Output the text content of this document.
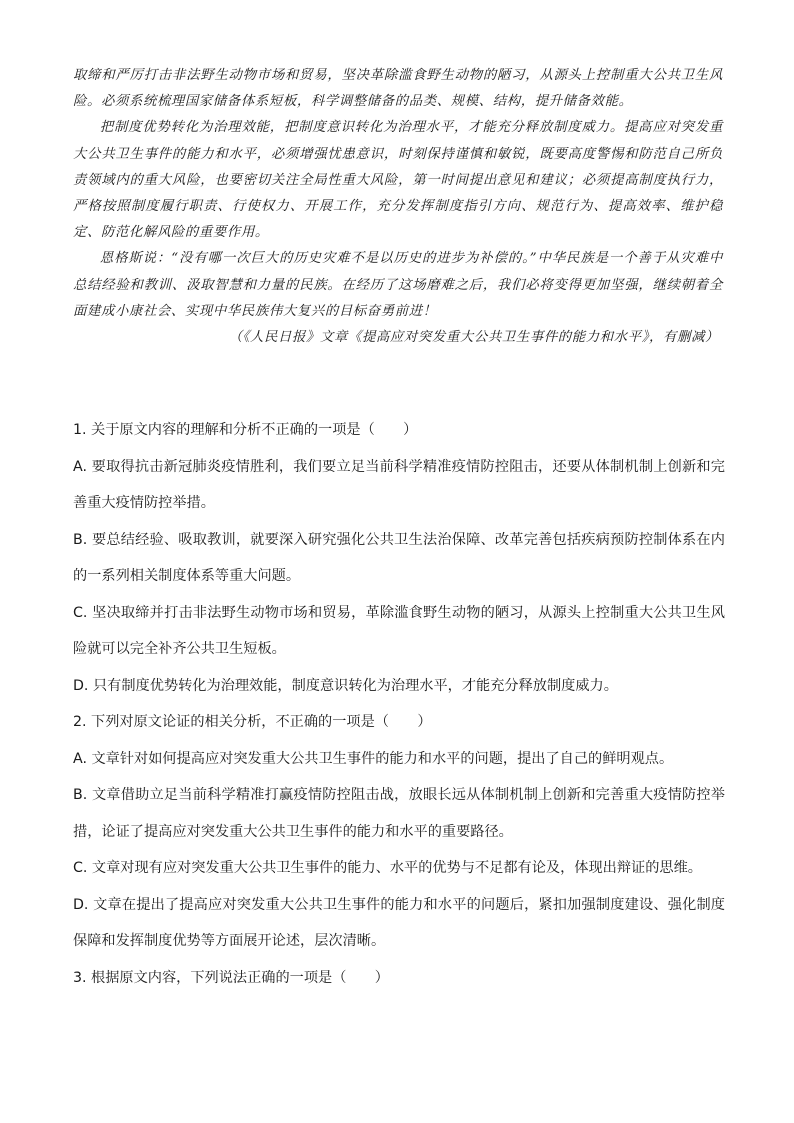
取缔和严厉打击非法野生动物市场和贸易，坚决革除滥食野生动物的陋习，从源头上控制重大公共卫生风险。必须系统梳理国家储备体系短板，科学调整储备的品类、规模、结构，提升储备效能。

把制度优势转化为治理效能，把制度意识转化为治理水平，才能充分释放制度威力。提高应对突发重大公共卫生事件的能力和水平，必须增强忧患意识，时刻保持谨慎和敏锐，既要高度警惕和防范自己所负责领域内的重大风险，也要密切关注全局性重大风险，第一时间提出意见和建议；必须提高制度执行力，严格按照制度履行职责、行使权力、开展工作，充分发挥制度指引方向、规范行为、提高效率、维护稳定、防范化解风险的重要作用。

恩格斯说：“没有哪一次巨大的历史灾难不是以历史的进步为补偿的。”中华民族是一个善于从灾难中总结经验和教训、汲取智慧和力量的民族。在经历了这场磨难之后，我们必将变得更加坚强，继续朝着全面建成小康社会、实现中华民族伟大复兴的目标奋勇前进！

（《人民日报》文章《提高应对突发重大公共卫生事件的能力和水平》，有删减）

1. 关于原文内容的理解和分析不正确的一项是（　　）

A. 要取得抗击新冠肺炎疫情胜利，我们要立足当前科学精准疫情防控阻击，还要从体制机制上创新和完善重大疫情防控举措。

B. 要总结经验、吸取教训，就要深入研究强化公共卫生法治保障、改革完善包括疾病预防控制体系在内的一系列相关制度体系等重大问题。

C. 坚决取缔并打击非法野生动物市场和贸易，革除滥食野生动物的陋习，从源头上控制重大公共卫生风险就可以完全补齐公共卫生短板。

D. 只有制度优势转化为治理效能，制度意识转化为治理水平，才能充分释放制度威力。

2. 下列对原文论证的相关分析，不正确的一项是（　　）

A. 文章针对如何提高应对突发重大公共卫生事件的能力和水平的问题，提出了自己的鲜明观点。

B. 文章借助立足当前科学精准打赢疫情防控阻击战，放眼长远从体制机制上创新和完善重大疫情防控举措，论证了提高应对突发重大公共卫生事件的能力和水平的重要路径。

C. 文章对现有应对突发重大公共卫生事件的能力、水平的优势与不足都有论及，体现出辩证的思维。

D. 文章在提出了提高应对突发重大公共卫生事件的能力和水平的问题后，紧扣加强制度建设、强化制度保障和发挥制度优势等方面展开论述，层次清晰。

3. 根据原文内容，下列说法正确的一项是（　　）
